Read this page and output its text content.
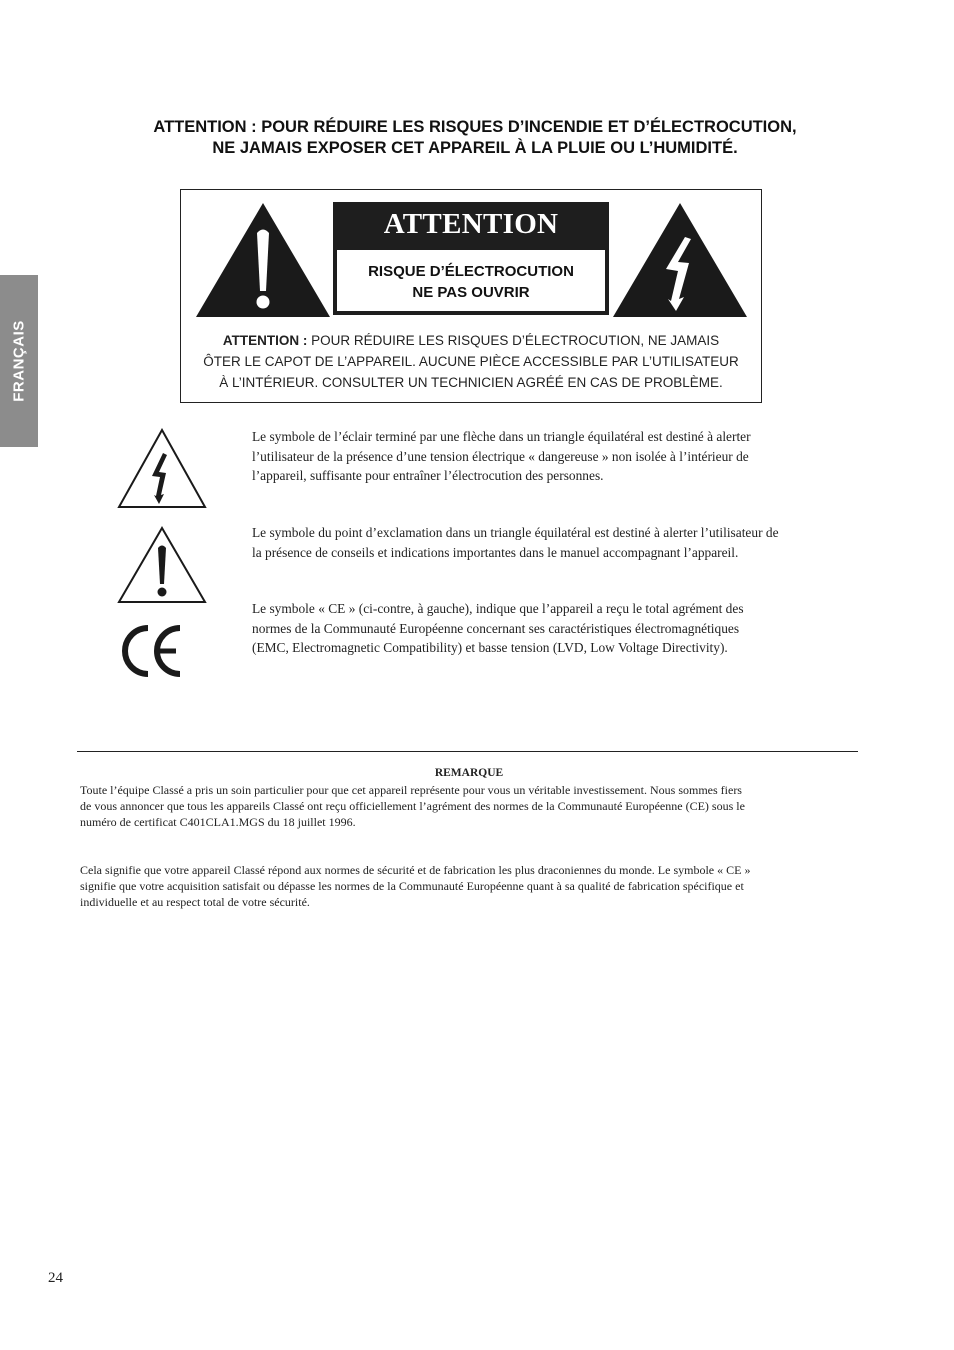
FRANÇAIS
ATTENTION : POUR RÉDUIRE LES RISQUES D’INCENDIE ET D’ÉLECTROCUTION,
NE JAMAIS EXPOSER CET APPAREIL À LA PLUIE OU L’HUMIDITÉ.
ATTENTION
RISQUE D’ÉLECTROCUTION
NE PAS OUVRIR
ATTENTION : POUR RÉDUIRE LES RISQUES D’ÉLECTROCUTION, NE JAMAIS
ÔTER LE CAPOT DE L’APPAREIL. AUCUNE PIÈCE ACCESSIBLE PAR L’UTILISATEUR
À L’INTÉRIEUR. CONSULTER UN TECHNICIEN AGRÉÉ EN CAS DE PROBLÈME.
Le symbole de l’éclair terminé par une flèche dans un triangle équilatéral est destiné à alerter
l’utilisateur de la présence d’une tension électrique « dangereuse » non isolée à l’intérieur de
l’appareil, suffisante pour entraîner l’électrocution des personnes.
Le symbole du point d’exclamation dans un triangle équilatéral est destiné à alerter l’utilisateur de
la présence de conseils et indications importantes dans le manuel accompagnant l’appareil.
Le symbole « CE » (ci-contre, à gauche), indique que l’appareil a reçu le total agrément des
normes de la Communauté Européenne concernant ses caractéristiques électromagnétiques
(EMC, Electromagnetic Compatibility) et basse tension (LVD, Low Voltage Directivity).
REMARQUE
Toute l’équipe Classé a pris un soin particulier pour que cet appareil représente pour vous un véritable investissement. Nous sommes fiers
de vous annoncer que tous les appareils Classé ont reçu officiellement l’agrément des normes de la Communauté Européenne (CE) sous le
numéro de certificat C401CLA1.MGS du 18 juillet 1996.
Cela signifie que votre appareil Classé répond aux normes de sécurité et de fabrication les plus draconiennes du monde. Le symbole « CE »
signifie que votre acquisition satisfait ou dépasse les normes de la Communauté Européenne quant à sa qualité de fabrication spécifique et
individuelle et au respect total de votre sécurité.
24
